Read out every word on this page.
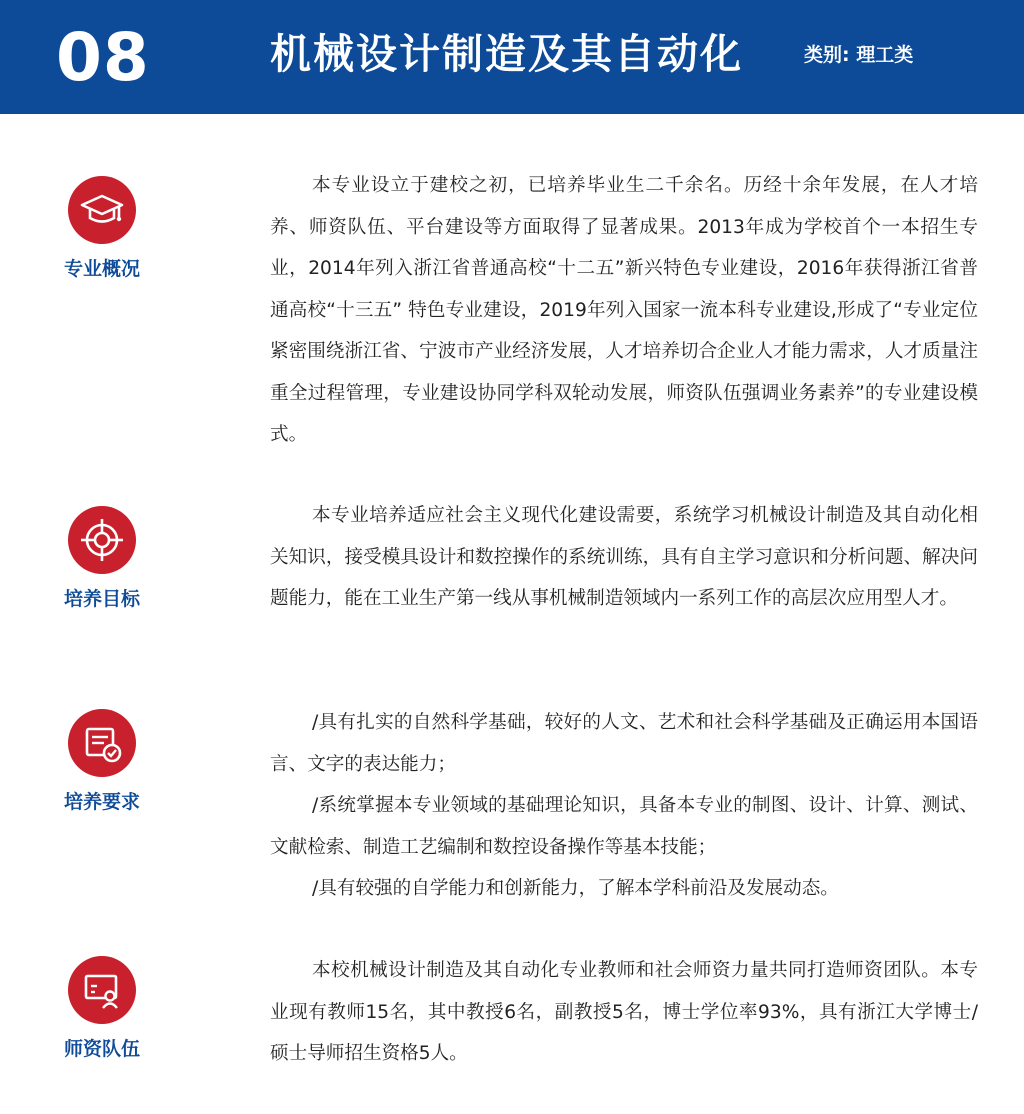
08	机械设计制造及其自动化	类别: 理工类
专业概况

本专业设立于建校之初，已培养毕业生二千余名。历经十余年发展，在人才培养、师资队伍、平台建设等方面取得了显著成果。2013年成为学校首个一本招生专业，2014年列入浙江省普通高校“十二五”新兴特色专业建设，2016年获得浙江省普通高校“十三五” 特色专业建设，2019年列入国家一流本科专业建设,形成了“专业定位紧密围绕浙江省、宁波市产业经济发展，人才培养切合企业人才能力需求，人才质量注重全过程管理，专业建设协同学科双轮动发展，师资队伍强调业务素养”的专业建设模式。

培养目标

本专业培养适应社会主义现代化建设需要，系统学习机械设计制造及其自动化相关知识，接受模具设计和数控操作的系统训练，具有自主学习意识和分析问题、解决问题能力，能在工业生产第一线从事机械制造领域内一系列工作的高层次应用型人才。

培养要求

/具有扎实的自然科学基础，较好的人文、艺术和社会科学基础及正确运用本国语言、文字的表达能力；

/系统掌握本专业领域的基础理论知识，具备本专业的制图、设计、计算、测试、文献检索、制造工艺编制和数控设备操作等基本技能；

/具有较强的自学能力和创新能力，了解本学科前沿及发展动态。

师资队伍

本校机械设计制造及其自动化专业教师和社会师资力量共同打造师资团队。本专业现有教师15名，其中教授6名，副教授5名，博士学位率93%，具有浙江大学博士/硕士导师招生资格5人。
